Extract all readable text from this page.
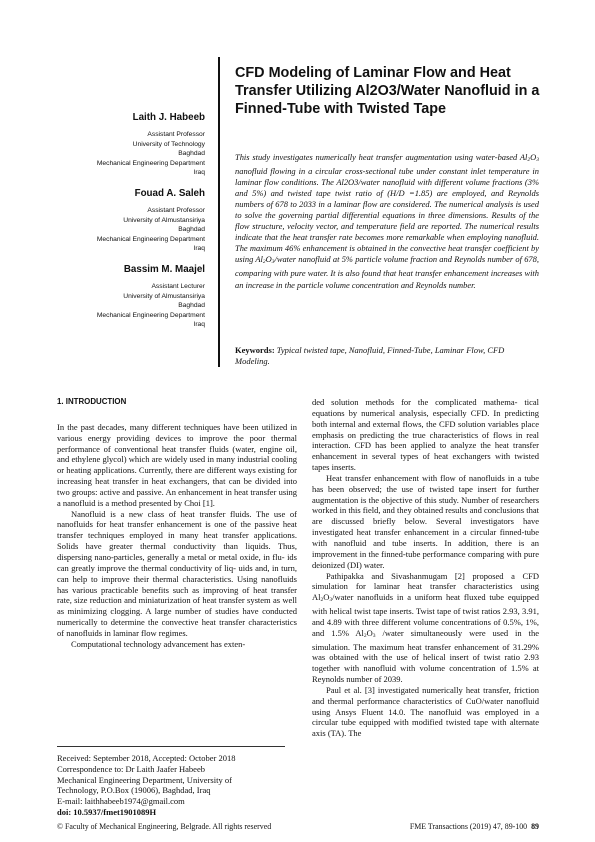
Laith J. Habeeb
Assistant Professor
University of Technology
Baghdad
Mechanical Engineering Department
Iraq
Fouad A. Saleh
Assistant Professor
University of Almustansiriya
Baghdad
Mechanical Engineering Department
Iraq
Bassim M. Maajel
Assistant Lecturer
University of Almustansiriya
Baghdad
Mechanical Engineering Department
Iraq
CFD Modeling of Laminar Flow and Heat Transfer Utilizing Al2O3/Water Nanofluid in a Finned-Tube with Twisted Tape

This study investigates numerically heat transfer augmentation using water-based $Al_2O_3$ nanofluid flowing in a circular cross-sectional tube under constant inlet temperature in laminar flow conditions. The Al2O3/water nanofluid with different volume fractions (3% and 5%) and twisted tape twist ratio of (H/D =1.85) are employed, and Reynolds numbers of 678 to 2033 in a laminar flow are considered. The numerical analysis is used to solve the governing partial differential equations in three dimensions. Results of the flow structure, velocity vector, and temperature field are reported. The numerical results indicate that the heat transfer rate becomes more remarkable when employing nanofluid. The maximum 46% enhancement is obtained in the convective heat transfer coefficient by using $Al_2O_3$/water nanofluid at 5% particle volume fraction and Reynolds number of 678, comparing with pure water. It is also found that heat transfer enhancement increases with an increase in the particle volume concentration and Reynolds number.

Keywords: Typical twisted tape, Nanofluid, Finned-Tube, Laminar Flow, CFD Modeling.

1. INTRODUCTION

In the past decades, many different techniques have been utilized in various energy providing devices to improve the poor thermal performance of conventional heat transfer fluids (water, engine oil, and ethylene glycol) which are widely used in many industrial cooling or heating applications. Currently, there are different ways existing for increasing heat transfer in heat exchangers, that can be divided into two groups: active and passive. An enhancement in heat transfer using a nanofluid is a method presented by Choi [1].

Nanofluid is a new class of heat transfer fluids. The use of nanofluids for heat transfer enhancement is one of the passive heat transfer techniques employed in many heat transfer applications. Solids have greater thermal conductivity than liquids. Thus, dispersing nano-particles, generally a metal or metal oxide, in flu- ids can greatly improve the thermal conductivity of liq- uids and, in turn, can help to improve their thermal characteristics. Using nanofluids has various practicable benefits such as improving of heat transfer rate, size reduction and miniaturization of heat transfer system as well as minimizing clogging. A large number of studies have conducted numerically to determine the convective heat transfer characteristics of nanofluids in laminar flow regimes.

Computational technology advancement has exten-

ded solution methods for the complicated mathema- tical equations by numerical analysis, especially CFD. In predicting both internal and external flows, the CFD solution variables place emphasis on predicting the true characteristics of flows in real interaction. CFD has been applied to analyze the heat transfer enhancement in several types of heat exchangers with twisted tapes inserts.

Heat transfer enhancement with flow of nanofluids in a tube has been observed; the use of twisted tape insert for further augmentation is the objective of this study. Number of researchers worked in this field, and they obtained results and conclusions that are discussed briefly below. Several investigators have investigated heat transfer enhancement in a circular finned-tube with nanofluid and tube inserts. In addition, there is an improvement in the finned-tube performance comparing with pure deionized (DI) water.

Pathipakka and Sivashanmugam [2] proposed a CFD simulation for laminar heat transfer characteristics using $Al_2O_3$/water nanofluids in a uniform heat fluxed tube equipped with helical twist tape inserts. Twist tape of twist ratios 2.93, 3.91, and 4.89 with three different volume concentrations of 0.5%, 1%, and 1.5% $Al_2O_3$ /water simultaneously were used in the simulation. The maximum heat transfer enhancement of 31.29% was obtained with the use of helical insert of twist ratio 2.93 together with nanofluid with volume concentration of 1.5% at Reynolds number of 2039.

Paul et al. [3] investigated numerically heat transfer, friction and thermal performance characteristics of CuO/water nanofluid using Ansys Fluent 14.0. The nanofluid was employed in a circular tube equipped with modified twisted tape with alternate axis (TA). The

Received: September 2018, Accepted: October 2018
Correspondence to: Dr Laith Jaafer Habeeb
Mechanical Engineering Department, University of
Technology, P.O.Box (19006), Baghdad, Iraq
E-mail: laithhabeeb1974@gmail.com
doi: 10.5937/fmet1901089H
© Faculty of Mechanical Engineering, Belgrade. All rights reserved	FME Transactions (2019) 47, 89-100 89
